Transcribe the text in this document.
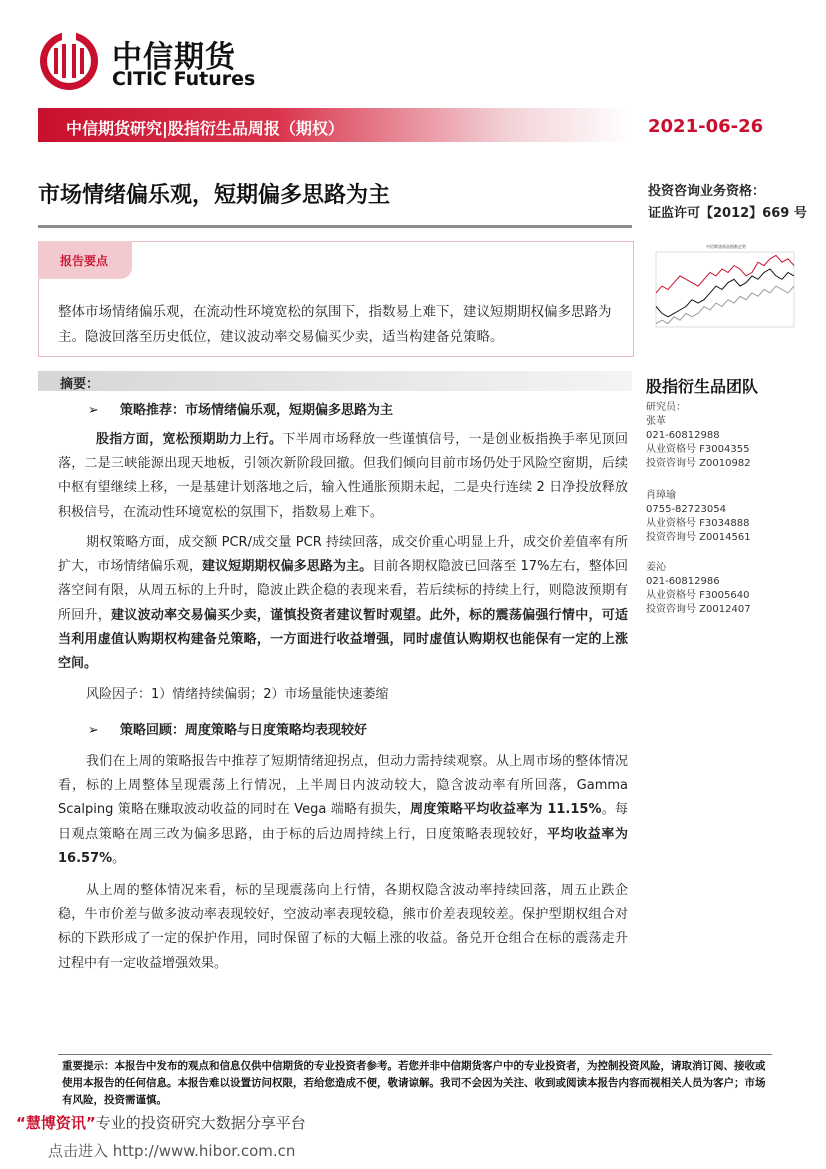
中信期货
CITIC Futures
中信期货研究|股指衍生品周报（期权）	2021-06-26
市场情绪偏乐观，短期偏多思路为主	投资咨询业务资格：
证监许可【2012】669 号
报告要点
整体市场情绪偏乐观，在流动性环境宽松的氛围下，指数易上难下，建议短期期权偏多思路为主。隐波回落至历史低位，建议波动率交易偏买少卖，适当构建备兑策略。
摘要：
➢ 策略推荐：市场情绪偏乐观，短期偏多思路为主
股指方面，宽松预期助力上行。下半周市场释放一些谨慎信号，一是创业板指换手率见顶回落，二是三峡能源出现天地板，引领次新阶段回撤。但我们倾向目前市场仍处于风险空窗期，后续中枢有望继续上移，一是基建计划落地之后，输入性通胀预期未起，二是央行连续 2 日净投放释放积极信号，在流动性环境宽松的氛围下，指数易上难下。
期权策略方面，成交额 PCR/成交量 PCR 持续回落，成交价重心明显上升，成交价差值率有所扩大，市场情绪偏乐观，建议短期期权偏多思路为主。目前各期权隐波已回落至 17%左右，整体回落空间有限，从周五标的上升时，隐波止跌企稳的表现来看，若后续标的持续上行，则隐波预期有所回升，建议波动率交易偏买少卖，谨慎投资者建议暂时观望。此外，标的震荡偏强行情中，可适当利用虚值认购期权构建备兑策略，一方面进行收益增强，同时虚值认购期权也能保有一定的上涨空间。
风险因子：1）情绪持续偏弱；2）市场量能快速萎缩
➢ 策略回顾：周度策略与日度策略均表现较好
我们在上周的策略报告中推荐了短期情绪迎拐点，但动力需持续观察。从上周市场的整体情况看，标的上周整体呈现震荡上行情况，上半周日内波动较大，隐含波动率有所回落，Gamma Scalping 策略在赚取波动收益的同时在 Vega 端略有损失，周度策略平均收益率为 11.15%。每日观点策略在周三改为偏多思路，由于标的后边周持续上行，日度策略表现较好，平均收益率为 16.57%。
从上周的整体情况来看，标的呈现震荡向上行情，各期权隐含波动率持续回落，周五止跌企稳，牛市价差与做多波动率表现较好，空波动率表现较稳，熊市价差表现较差。保护型期权组合对标的下跌形成了一定的保护作用，同时保留了标的大幅上涨的收益。备兑开仓组合在标的震荡走升过程中有一定收益增强效果。
中信期货商品指数走势
股指衍生品团队
研究员：
张革
021-60812988
从业资格号 F3004355
投资咨询号 Z0010982
肖璋瑜
0755-82723054
从业资格号 F3034888
投资咨询号 Z0014561
姜沁
021-60812986
从业资格号 F3005640
投资咨询号 Z0012407
重要提示：本报告中发布的观点和信息仅供中信期货的专业投资者参考。若您并非中信期货客户中的专业投资者，为控制投资风险，请取消订阅、接收或使用本报告的任何信息。本报告难以设置访问权限，若给您造成不便，敬请谅解。我司不会因为关注、收到或阅读本报告内容而视相关人员为客户；市场有风险，投资需谨慎。
“慧博资讯”专业的投资研究大数据分享平台
点击进入 http://www.hibor.com.cn
